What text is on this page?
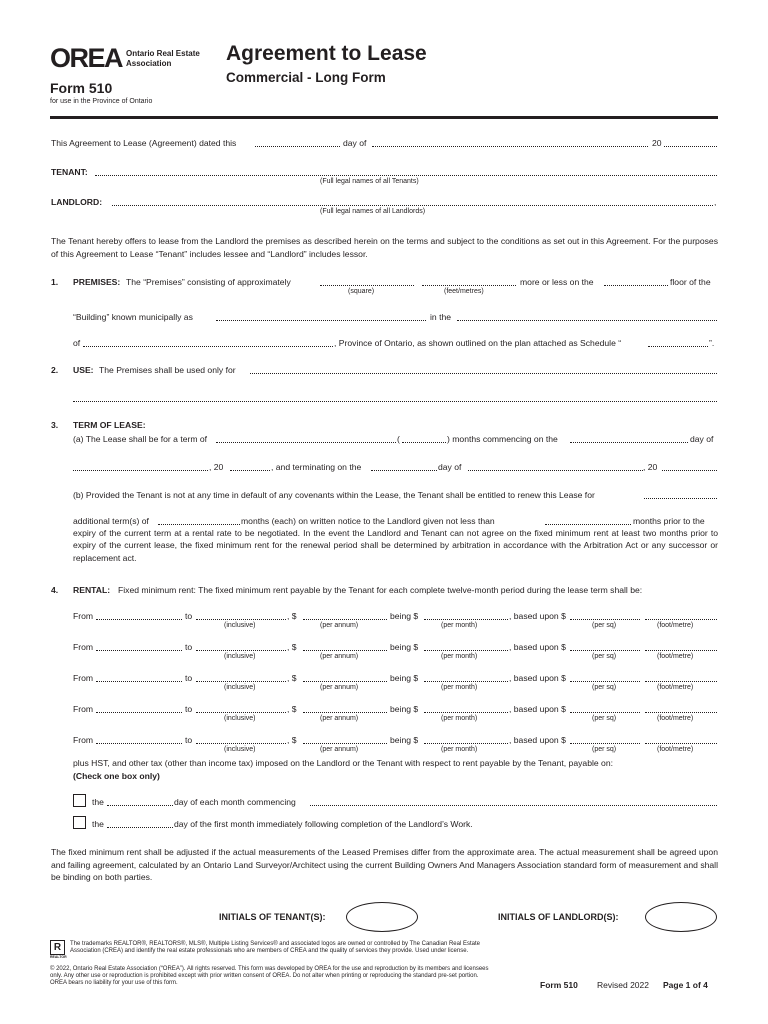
OREA Ontario Real Estate
Association
Form 510
for use in the Province of Ontario
Agreement to Lease
Commercial - Long Form
This Agreement to Lease (Agreement) dated this	day of	20
TENANT:
(Full legal names of all Tenants)
LANDLORD:	,
(Full legal names of all Landlords)
The Tenant hereby offers to lease from the Landlord the premises as described herein on the terms and subject to the conditions as set out in this Agreement. For the purposes of this Agreement to Lease “Tenant” includes lessee and “Landlord” includes lessor.
1. PREMISES: The “Premises” consisting of approximately	more or less on the	floor of the
(square)	(feet/metres)
“Building” known municipally as	in the
of	, Province of Ontario, as shown outlined on the plan attached as Schedule “	”.
2. USE: The Premises shall be used only for
3. TERM OF LEASE:
(a) The Lease shall be for a term of	(	) months commencing on the	day of
, 20	, and terminating on the	day of	, 20
(b) Provided the Tenant is not at any time in default of any covenants within the Lease, the Tenant shall be entitled to renew this Lease for
additional term(s) of	months (each) on written notice to the Landlord given not less than	months prior to the
expiry of the current term at a rental rate to be negotiated. In the event the Landlord and Tenant can not agree on the fixed minimum rent at least two months prior to expiry of the current lease, the fixed minimum rent for the renewal period shall be determined by arbitration in accordance with the Arbitration Act or any successor or replacement act.
4. RENTAL: Fixed minimum rent: The fixed minimum rent payable by the Tenant for each complete twelve-month period during the lease term shall be:
From	to	, $	being $	, based upon $
(inclusive)	(per annum)	(per month)	(per sq)	(foot/metre)
From	to	, $	being $	, based upon $
(inclusive)	(per annum)	(per month)	(per sq)	(foot/metre)
From	to	, $	being $	, based upon $
(inclusive)	(per annum)	(per month)	(per sq)	(foot/metre)
From	to	, $	being $	, based upon $
(inclusive)	(per annum)	(per month)	(per sq)	(foot/metre)
From	to	, $	being $	, based upon $
(inclusive)	(per annum)	(per month)	(per sq)	(foot/metre)
plus HST, and other tax (other than income tax) imposed on the Landlord or the Tenant with respect to rent payable by the Tenant, payable on:
(Check one box only)
the	day of each month commencing
the	day of the first month immediately following completion of the Landlord’s Work.
The fixed minimum rent shall be adjusted if the actual measurements of the Leased Premises differ from the approximate area. The actual measurement shall be agreed upon and failing agreement, calculated by an Ontario Land Surveyor/Architect using the current Building Owners And Managers Association standard form of measurement and shall be binding on both parties.
INITIALS OF TENANT(S):	INITIALS OF LANDLORD(S):
R
REALTOR
The trademarks REALTOR®, REALTORS®, MLS®, Multiple Listing Services® and associated logos are owned or controlled by The Canadian Real Estate Association (CREA) and identify the real estate professionals who are members of CREA and the quality of services they provide. Used under license.
© 2022, Ontario Real Estate Association (“OREA”). All rights reserved. This form was developed by OREA for the use and reproduction by its members and licensees only. Any other use or reproduction is prohibited except with prior written consent of OREA. Do not alter when printing or reproducing the standard pre-set portion. OREA bears no liability for your use of this form.	Form 510 Revised 2022 Page 1 of 4
